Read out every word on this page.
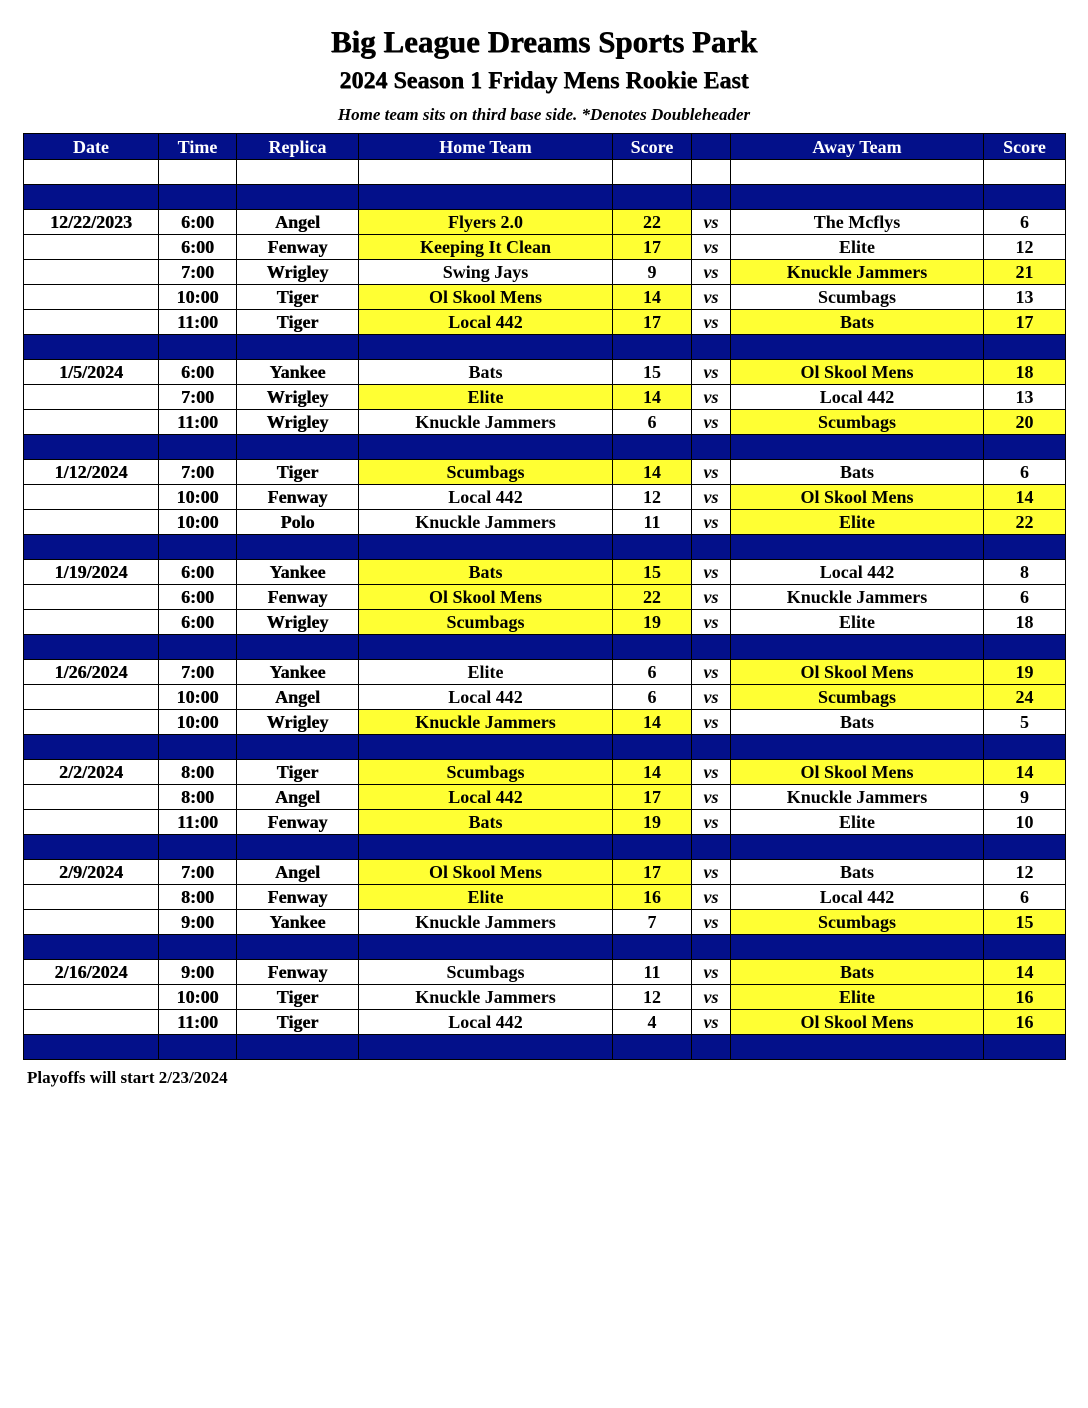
Big League Dreams Sports Park
2024 Season 1 Friday Mens Rookie East
Home team sits on third base side. *Denotes Doubleheader
Date	Time	Replica	Home Team	Score		Away Team	Score

12/22/2023	6:00	Angel	Flyers 2.0	22	vs	The Mcflys	6
	6:00	Fenway	Keeping It Clean	17	vs	Elite	12
	7:00	Wrigley	Swing Jays	9	vs	Knuckle Jammers	21
	10:00	Tiger	Ol Skool Mens	14	vs	Scumbags	13
	11:00	Tiger	Local 442	17	vs	Bats	17

1/5/2024	6:00	Yankee	Bats	15	vs	Ol Skool Mens	18
	7:00	Wrigley	Elite	14	vs	Local 442	13
	11:00	Wrigley	Knuckle Jammers	6	vs	Scumbags	20

1/12/2024	7:00	Tiger	Scumbags	14	vs	Bats	6
	10:00	Fenway	Local 442	12	vs	Ol Skool Mens	14
	10:00	Polo	Knuckle Jammers	11	vs	Elite	22

1/19/2024	6:00	Yankee	Bats	15	vs	Local 442	8
	6:00	Fenway	Ol Skool Mens	22	vs	Knuckle Jammers	6
	6:00	Wrigley	Scumbags	19	vs	Elite	18

1/26/2024	7:00	Yankee	Elite	6	vs	Ol Skool Mens	19
	10:00	Angel	Local 442	6	vs	Scumbags	24
	10:00	Wrigley	Knuckle Jammers	14	vs	Bats	5

2/2/2024	8:00	Tiger	Scumbags	14	vs	Ol Skool Mens	14
	8:00	Angel	Local 442	17	vs	Knuckle Jammers	9
	11:00	Fenway	Bats	19	vs	Elite	10

2/9/2024	7:00	Angel	Ol Skool Mens	17	vs	Bats	12
	8:00	Fenway	Elite	16	vs	Local 442	6
	9:00	Yankee	Knuckle Jammers	7	vs	Scumbags	15

2/16/2024	9:00	Fenway	Scumbags	11	vs	Bats	14
	10:00	Tiger	Knuckle Jammers	12	vs	Elite	16
	11:00	Tiger	Local 442	4	vs	Ol Skool Mens	16

Playoffs will start 2/23/2024
